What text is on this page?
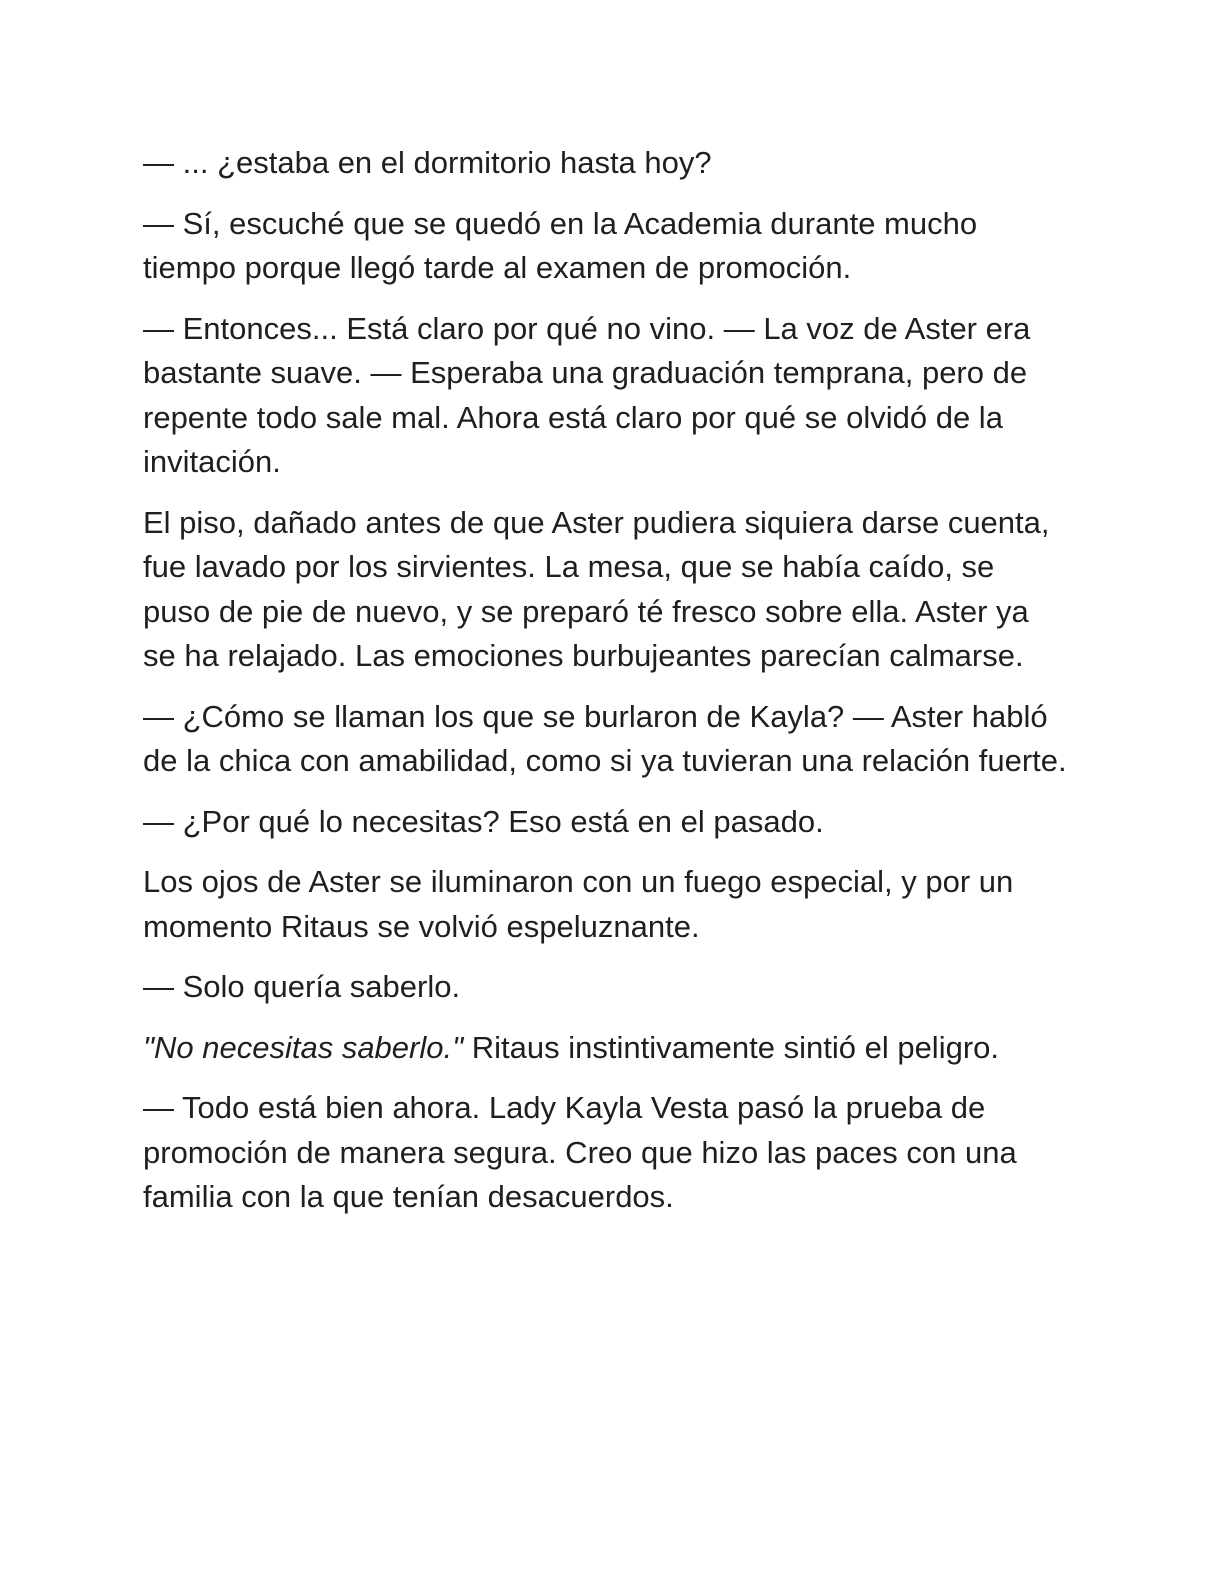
— ... ¿estaba en el dormitorio hasta hoy?

— Sí, escuché que se quedó en la Academia durante mucho tiempo porque llegó tarde al examen de promoción.

— Entonces... Está claro por qué no vino. — La voz de Aster era bastante suave. — Esperaba una graduación temprana, pero de repente todo sale mal. Ahora está claro por qué se olvidó de la invitación.

El piso, dañado antes de que Aster pudiera siquiera darse cuenta, fue lavado por los sirvientes. La mesa, que se había caído, se puso de pie de nuevo, y se preparó té fresco sobre ella. Aster ya se ha relajado. Las emociones burbujeantes parecían calmarse.

— ¿Cómo se llaman los que se burlaron de Kayla? — Aster habló de la chica con amabilidad, como si ya tuvieran una relación fuerte.

— ¿Por qué lo necesitas? Eso está en el pasado.

Los ojos de Aster se iluminaron con un fuego especial, y por un momento Ritaus se volvió espeluznante.

— Solo quería saberlo.

"No necesitas saberlo." Ritaus instintivamente sintió el peligro.

— Todo está bien ahora. Lady Kayla Vesta pasó la prueba de promoción de manera segura. Creo que hizo las paces con una familia con la que tenían desacuerdos.
